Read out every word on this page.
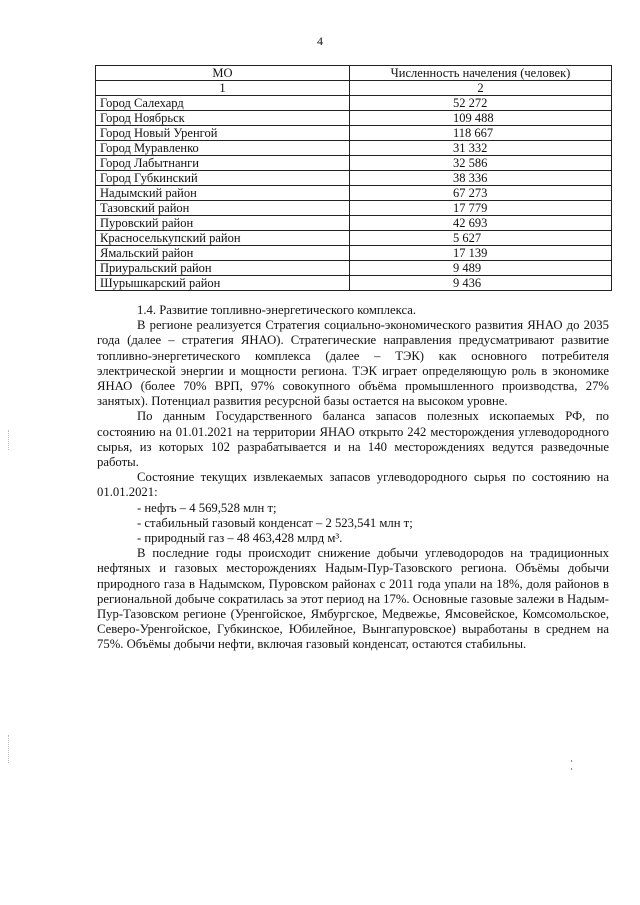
4
МО	Численность начеления (человек)
1	2
Город Салехард	52 272
Город Ноябрьск	109 488
Город Новый Уренгой	118 667
Город Муравленко	31 332
Город Лабытнанги	32 586
Город Губкинский	38 336
Надымский район	67 273
Тазовский район	17 779
Пуровский район	42 693
Красноселькупский район	5 627
Ямальский район	17 139
Приуральский район	9 489
Шурышкарский район	9 436

1.4. Развитие топливно-энергетического комплекса.

В регионе реализуется Стратегия социально-экономического развития ЯНАО до 2035 года (далее – стратегия ЯНАО). Стратегические направления предусматривают развитие топливно-энергетического комплекса (далее – ТЭК) как основного потребителя электрической энергии и мощности региона. ТЭК играет определяющую роль в экономике ЯНАО (более 70% ВРП, 97% совокупного объёма промышленного производства, 27% занятых). Потенциал развития ресурсной базы остается на высоком уровне.

По данным Государственного баланса запасов полезных ископаемых РФ, по состоянию на 01.01.2021 на территории ЯНАО открыто 242 месторождения углеводородного сырья, из которых 102 разрабатывается и на 140 месторождениях ведутся разведочные работы.

Состояние текущих извлекаемых запасов углеводородного сырья по состоянию на 01.01.2021:

- нефть – 4 569,528 млн т;

- стабильный газовый конденсат – 2 523,541 млн т;

- природный газ – 48 463,428 млрд м³.

В последние годы происходит снижение добычи углеводородов на традиционных нефтяных и газовых месторождениях Надым-Пур-Тазовского региона. Объёмы добычи природного газа в Надымском, Пуровском районах с 2011 года упали на 18%, доля районов в региональной добыче сократилась за этот период на 17%. Основные газовые залежи в Надым-Пур-Тазовском регионе (Уренгойское, Ямбургское, Медвежье, Ямсовейское, Комсомольское, Северо-Уренгойское, Губкинское, Юбилейное, Вынгапуровское) выработаны в среднем на 75%. Объёмы добычи нефти, включая газовый конденсат, остаются стабильны.
